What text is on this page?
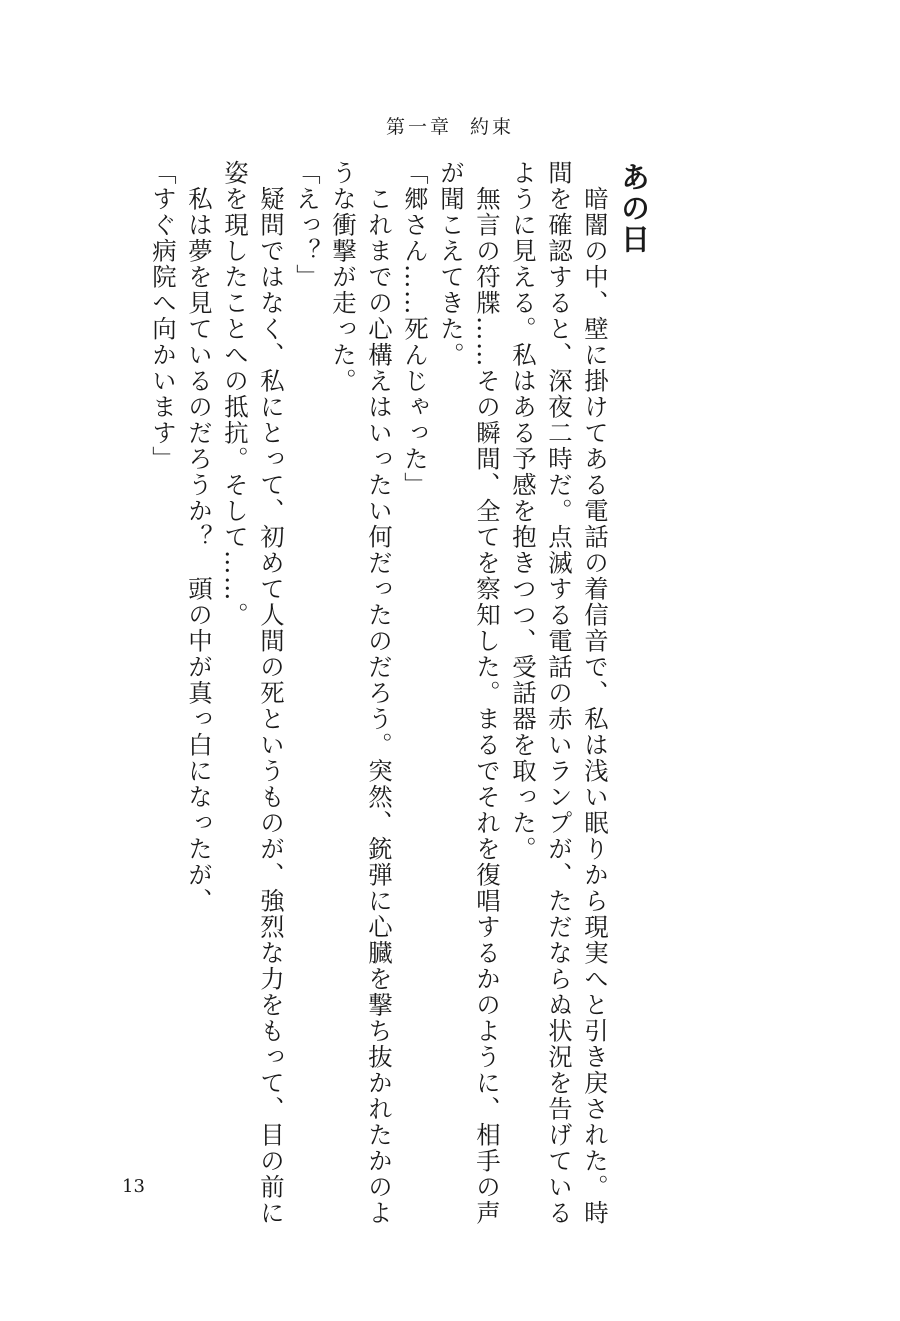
第一章 約束
あの日
　暗闇の中、壁に掛けてある電話の着信音で、私は浅い眠りから現実へと引き戻された。時
間を確認すると、深夜二時だ。点滅する電話の赤いランプが、ただならぬ状況を告げている
ように見える。私はある予感を抱きつつ、受話器を取った。
　無言の符牒……その瞬間、全てを察知した。まるでそれを復唱するかのように、相手の声
が聞こえてきた。
「郷さん……死んじゃった」
　これまでの心構えはいったい何だったのだろう。突然、銃弾に心臓を撃ち抜かれたかのよ
うな衝撃が走った。
「えっ？」
　疑問ではなく、私にとって、初めて人間の死というものが、強烈な力をもって、目の前に
姿を現したことへの抵抗。そして……。
　私は夢を見ているのだろうか？　頭の中が真っ白になったが、
「すぐ病院へ向かいます」
13
